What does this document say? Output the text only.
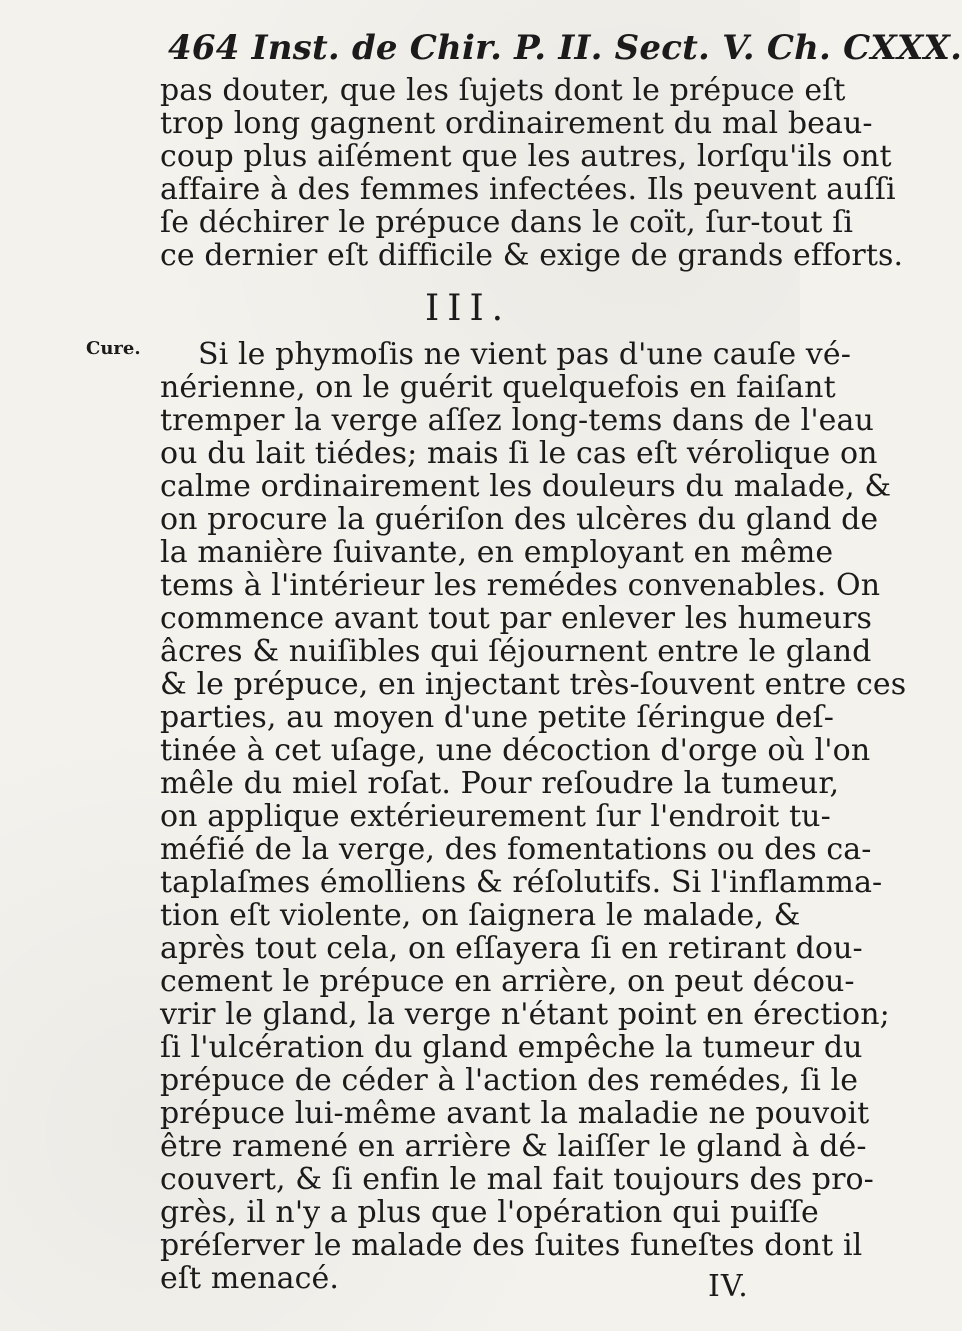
464 Inst. de Chir. P. II. Sect. V. Ch. CXXX.
pas douter, que les ſujets dont le prépuce eſt
trop long gagnent ordinairement du mal beau-
coup plus aiſément que les autres, lorſqu'ils ont
affaire à des femmes infectées. Ils peuvent auſſi
ſe déchirer le prépuce dans le coït, ſur-tout ſi
ce dernier eſt difficile & exige de grands efforts.
III.
Cure. Si le phymoſis ne vient pas d'une cauſe vé-
nérienne, on le guérit quelquefois en faiſant
tremper la verge aſſez long-tems dans de l'eau
ou du lait tiédes; mais ſi le cas eſt vérolique on
calme ordinairement les douleurs du malade, &
on procure la guériſon des ulcères du gland de
la manière ſuivante, en employant en même
tems à l'intérieur les remédes convenables. On
commence avant tout par enlever les humeurs
âcres & nuiſibles qui ſéjournent entre le gland
& le prépuce, en injectant très-ſouvent entre ces
parties, au moyen d'une petite ſéringue deſ-
tinée à cet uſage, une décoction d'orge où l'on
mêle du miel roſat. Pour reſoudre la tumeur,
on applique extérieurement ſur l'endroit tu-
méfié de la verge, des fomentations ou des ca-
taplaſmes émolliens & réſolutifs. Si l'inflamma-
tion eſt violente, on ſaignera le malade, &
après tout cela, on eſſayera ſi en retirant dou-
cement le prépuce en arrière, on peut décou-
vrir le gland, la verge n'étant point en érection;
ſi l'ulcération du gland empêche la tumeur du
prépuce de céder à l'action des remédes, ſi le
prépuce lui-même avant la maladie ne pouvoit
être ramené en arrière & laiſſer le gland à dé-
couvert, & ſi enfin le mal fait toujours des pro-
grès, il n'y a plus que l'opération qui puiſſe
préſerver le malade des ſuites funeſtes dont il
eſt menacé.	IV.
